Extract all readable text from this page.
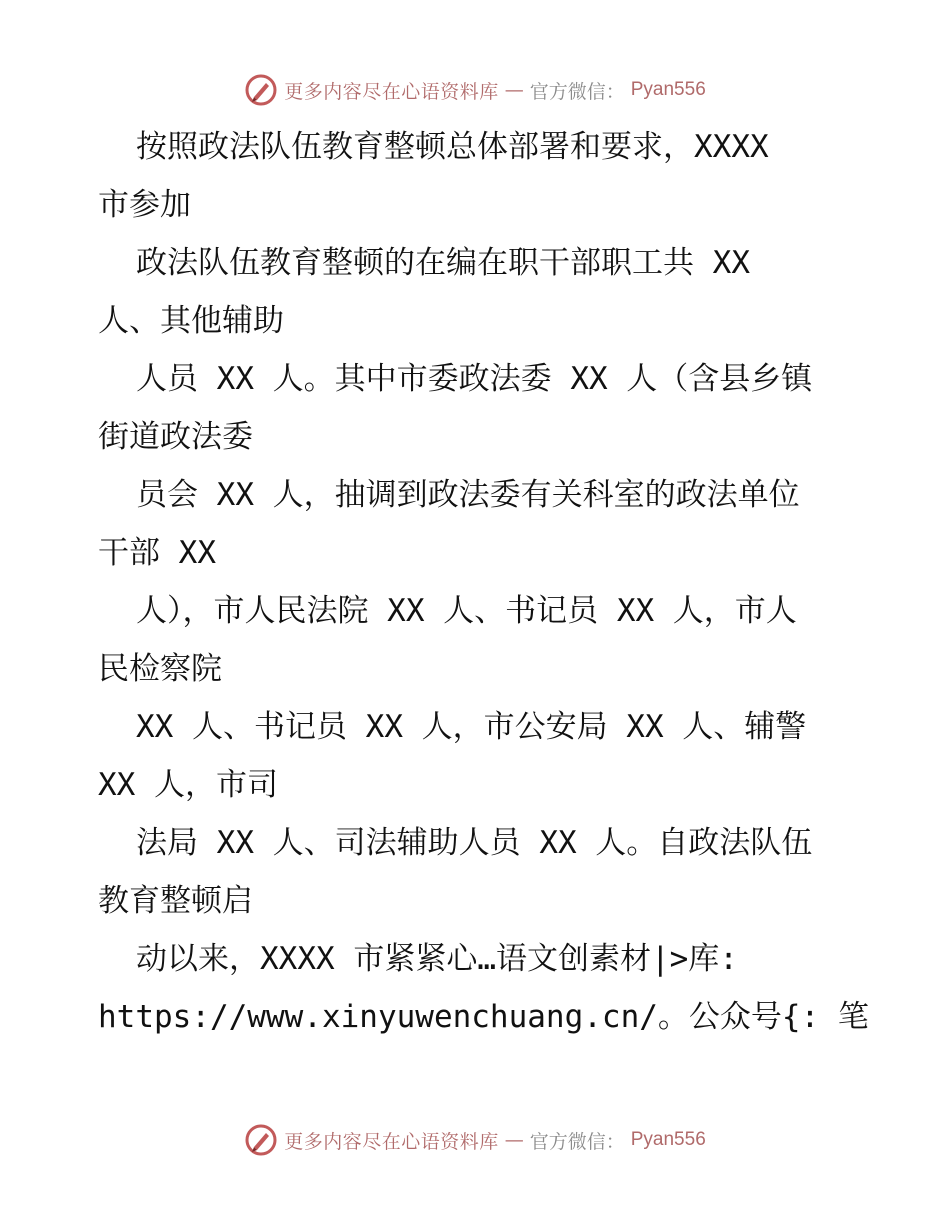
更多内容尽在心语资料库 — 官方微信： Pyan556
按照政法队伍教育整顿总体部署和要求，XXXX
市参加
政法队伍教育整顿的在编在职干部职工共 XX
人、其他辅助
人员 XX 人。其中市委政法委 XX 人（含县乡镇
街道政法委
员会 XX 人，抽调到政法委有关科室的政法单位
干部 XX
人），市人民法院 XX 人、书记员 XX 人，市人
民检察院
XX 人、书记员 XX 人，市公安局 XX 人、辅警
XX 人，市司
法局 XX 人、司法辅助人员 XX 人。自政法队伍
教育整顿启
动以来，XXXX 市紧紧心…语文创素材|>库:
https://www.xinyuwenchuang.cn/。公众号{: 笔
更多内容尽在心语资料库 — 官方微信： Pyan556
